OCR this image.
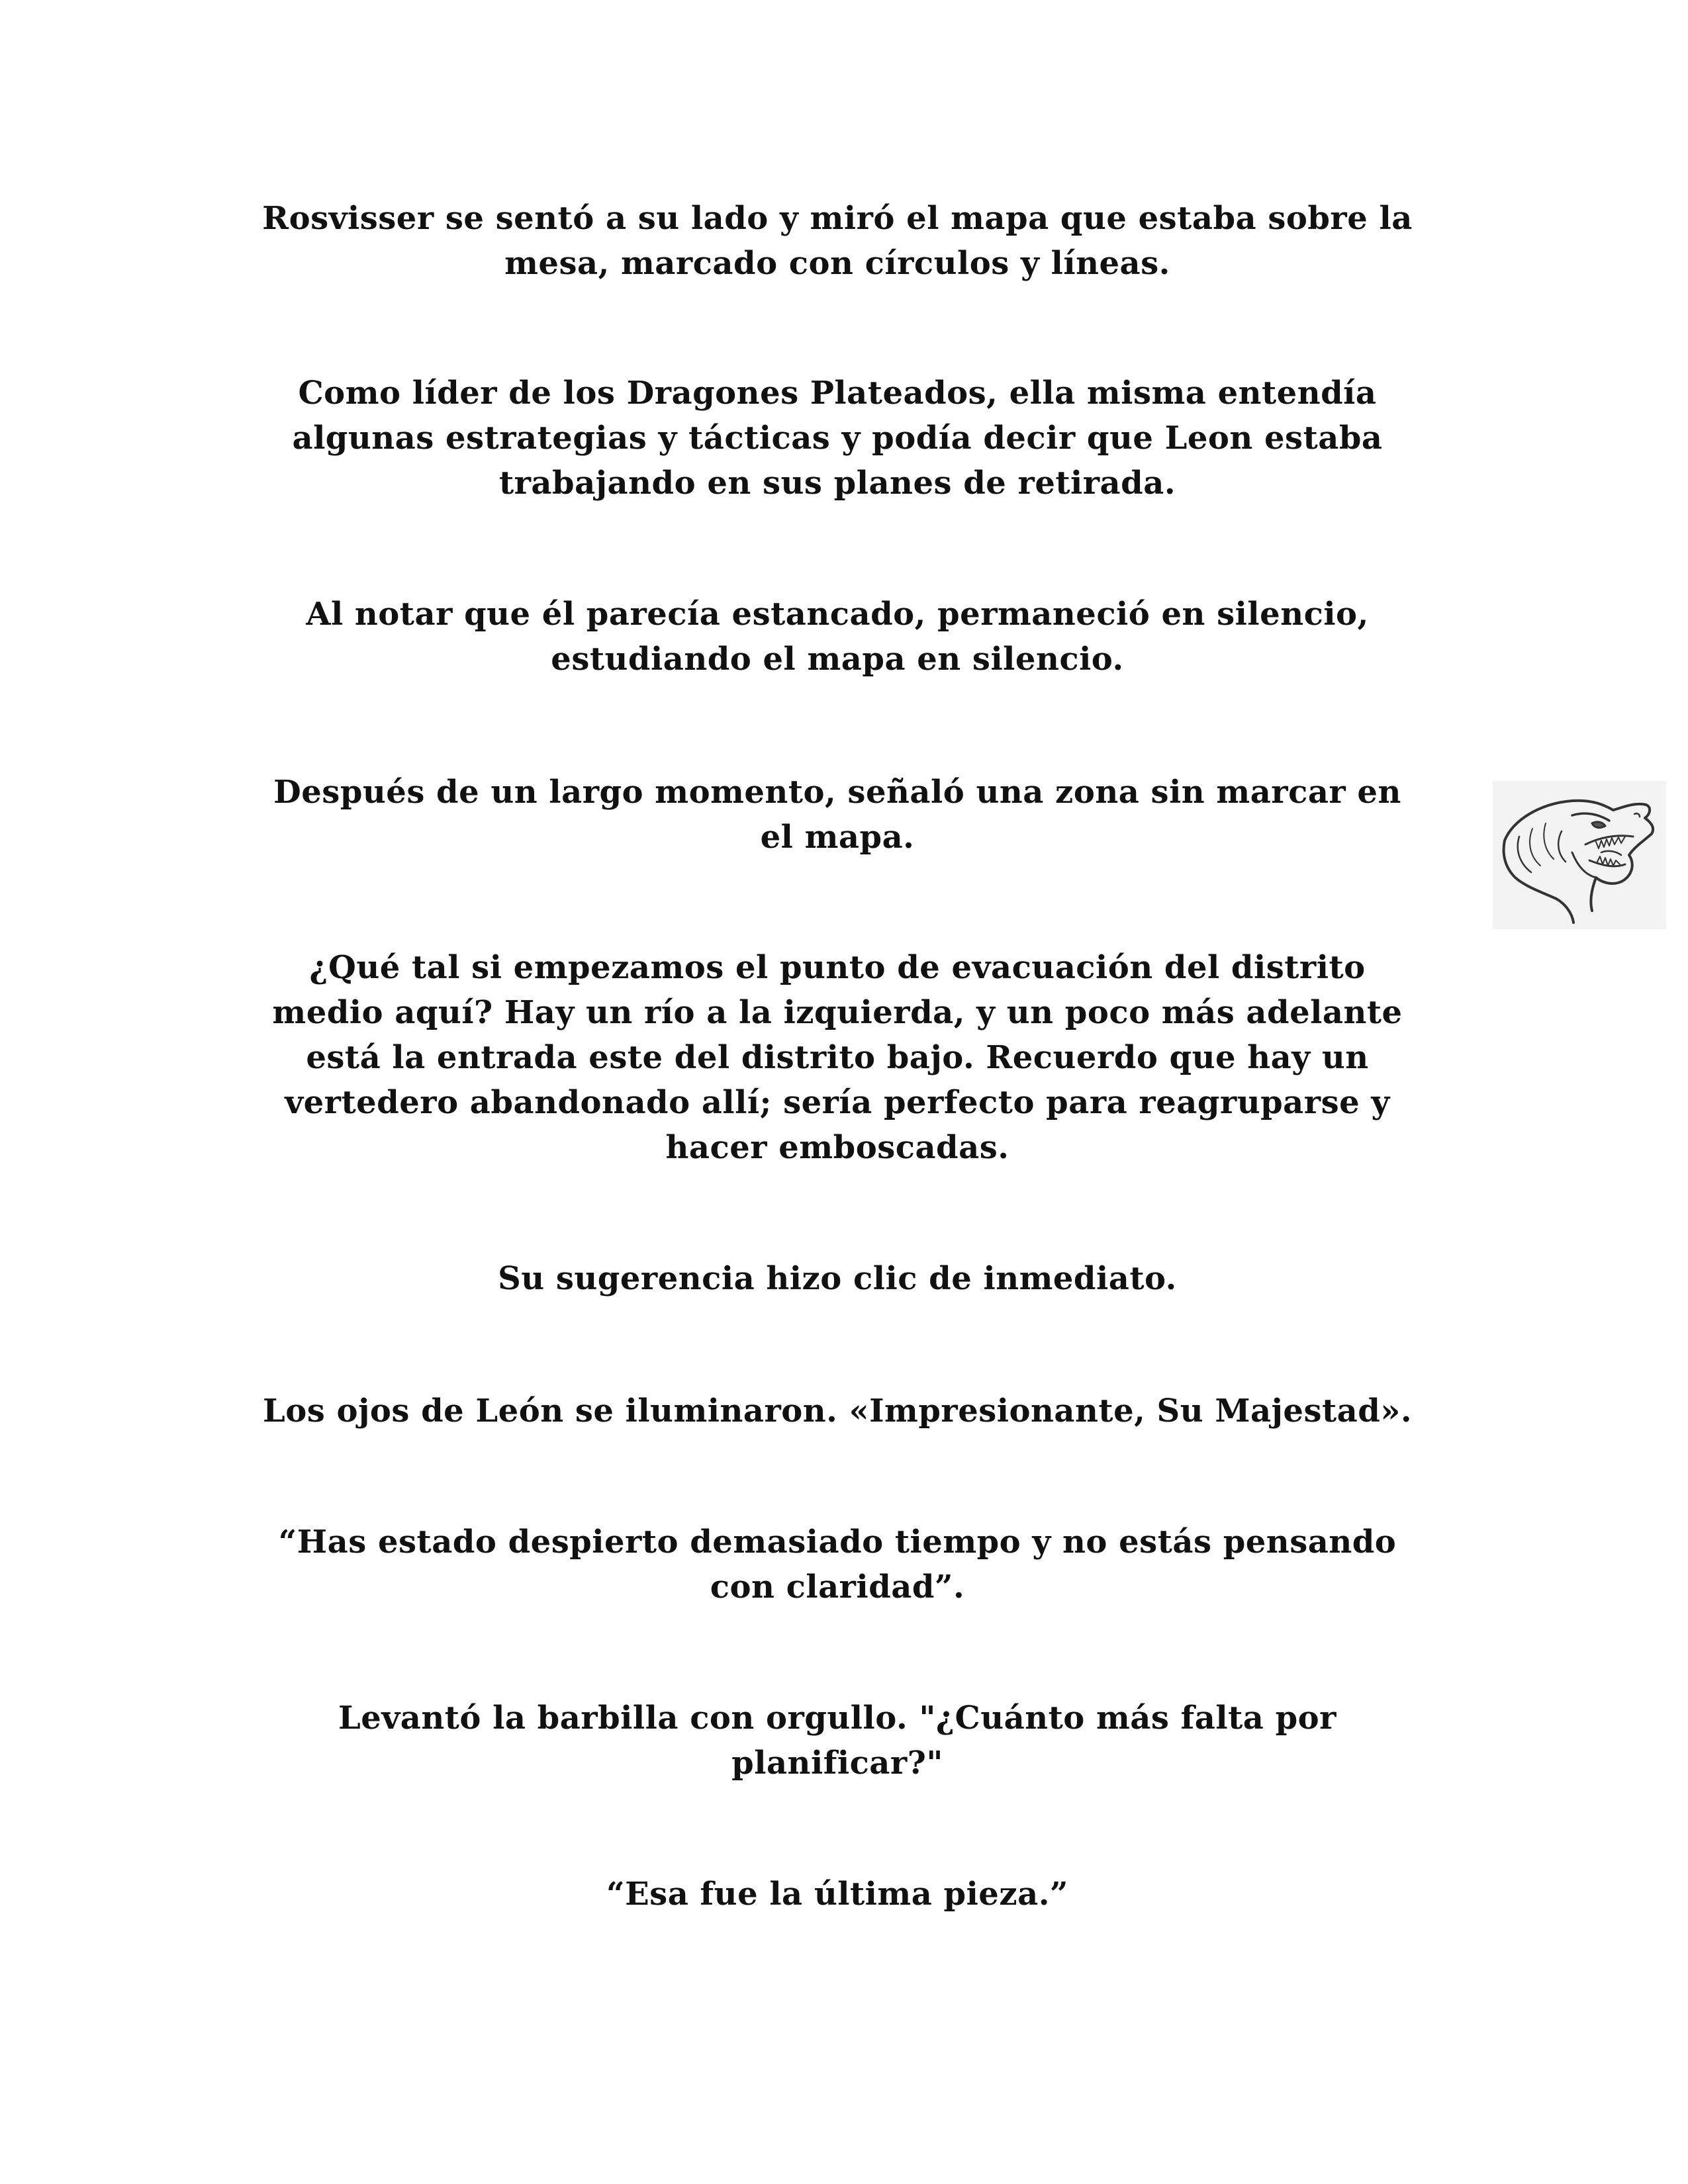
Rosvisser se sentó a su lado y miró el mapa que estaba sobre la
mesa, marcado con círculos y líneas.

Como líder de los Dragones Plateados, ella misma entendía
algunas estrategias y tácticas y podía decir que Leon estaba
trabajando en sus planes de retirada.

Al notar que él parecía estancado, permaneció en silencio,
estudiando el mapa en silencio.

Después de un largo momento, señaló una zona sin marcar en
el mapa.

¿Qué tal si empezamos el punto de evacuación del distrito
medio aquí? Hay un río a la izquierda, y un poco más adelante
está la entrada este del distrito bajo. Recuerdo que hay un
vertedero abandonado allí; sería perfecto para reagruparse y
hacer emboscadas.

Su sugerencia hizo clic de inmediato.

Los ojos de León se iluminaron. «Impresionante, Su Majestad».

“Has estado despierto demasiado tiempo y no estás pensando
con claridad”.

Levantó la barbilla con orgullo. "¿Cuánto más falta por
planificar?"

“Esa fue la última pieza.”
